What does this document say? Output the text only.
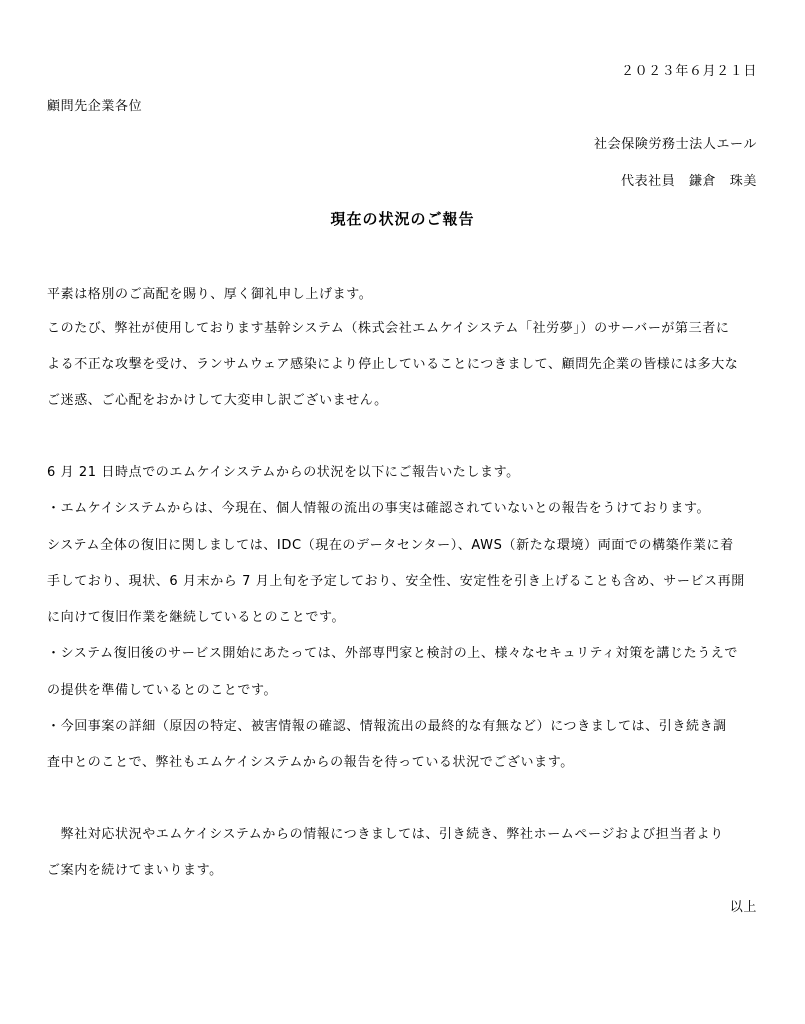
２０２３年６月２１日
顧問先企業各位
社会保険労務士法人エール
代表社員　鎌倉　珠美
現在の状況のご報告
平素は格別のご高配を賜り、厚く御礼申し上げます。
このたび、弊社が使用しております基幹システム（株式会社エムケイシステム「社労夢」）のサーバーが第三者に
よる不正な攻撃を受け、ランサムウェア感染により停止していることにつきまして、顧問先企業の皆様には多大な
ご迷惑、ご心配をおかけして大変申し訳ございません。
6 月 21 日時点でのエムケイシステムからの状況を以下にご報告いたします。
・エムケイシステムからは、今現在、個人情報の流出の事実は確認されていないとの報告をうけております。
システム全体の復旧に関しましては、IDC（現在のデータセンター）、AWS（新たな環境）両面での構築作業に着
手しており、現状、6 月末から 7 月上旬を予定しており、安全性、安定性を引き上げることも含め、サービス再開
に向けて復旧作業を継続しているとのことです。
・システム復旧後のサービス開始にあたっては、外部専門家と検討の上、様々なセキュリティ対策を講じたうえで
の提供を準備しているとのことです。
・今回事案の詳細（原因の特定、被害情報の確認、情報流出の最終的な有無など）につきましては、引き続き調
査中とのことで、弊社もエムケイシステムからの報告を待っている状況でございます。
　弊社対応状況やエムケイシステムからの情報につきましては、引き続き、弊社ホームページおよび担当者より
ご案内を続けてまいります。
以上
